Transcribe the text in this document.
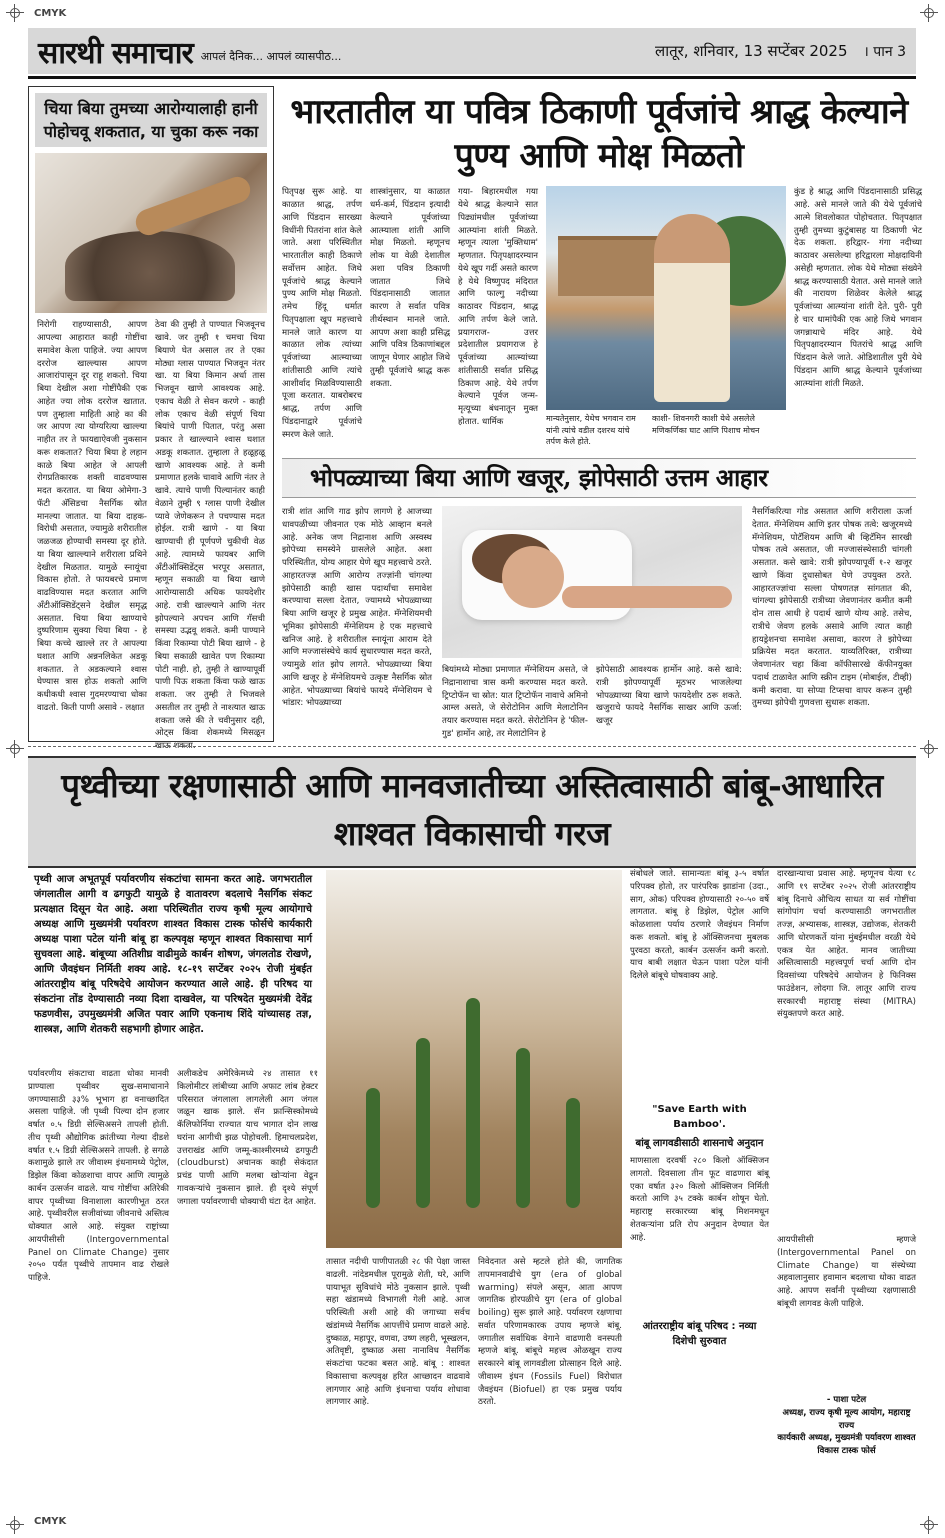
CMYK
CMYK
सारथी समाचार आपलं दैनिक... आपलं व्यासपीठ...	लातूर, शनिवार, 13 सप्टेंबर 2025 । पान 3
चिया बिया तुमच्या आरोग्यालाही हानी पोहोचवू शकतात, या चुका करू नका
निरोगी राहण्यासाठी, आपण आपल्या आहारात काही गोष्टींचा समावेश केला पाहिजे. ज्या आपण दररोज खाल्ल्यास आपण आजारांपासून दूर राहू शकतो. चिया बिया देखील अशा गोष्टींपैकी एक आहेत ज्या लोक दररोज खातात. पण तुम्हाला माहिती आहे का की जर आपण त्या योग्यरित्या खाल्ल्या नाहीत तर ते फायद्याऐवजी नुकसान करू शकतात? चिया बिया हे लहान काळे बिया आहेत जे आपली रोगप्रतिकारक शक्ती वाढवण्यास मदत करतात. या बिया ओमेगा-3 फॅटी अ‍ॅसिडचा नैसर्गिक स्रोत मानल्या जातात. या बिया दाहक-विरोधी असतात, ज्यामुळे शरीरातील जळजळ होण्याची समस्या दूर होते. या बिया खाल्ल्याने शरीराला प्रथिने देखील मिळतात. यामुळे स्नायूंचा विकास होतो. ते फायबरचे प्रमाण वाढविण्यास मदत करतात आणि अँटीऑक्सिडेंट्सने देखील समृद्ध असतात. चिया बिया खाण्याचे दुष्परिणाम सुक्या चिया बिया - हे बिया कच्चे खाल्ले तर ते आपल्या घशात आणि अन्ननलिकेत अडकू शकतात. ते अडकल्याने श्वास घेण्यास त्रास होऊ शकतो आणि कधीकधी श्वास गुदमरण्याचा धोका वाढतो. किती पाणी असावे - लक्षात
ठेवा की तुम्ही ते पाण्यात भिजवूनच खावे. जर तुम्ही १ चमचा चिया बियाणे घेत असाल तर ते एका मोठ्या ग्लास पाण्यात भिजवून नंतर खा. या बिया किमान अर्धा तास भिजवून खाणे आवश्यक आहे. एकाच वेळी ते सेवन करणे - काही लोक एकाच वेळी संपूर्ण चिया बियांचे पाणी पितात, परंतु असा प्रकार ते खाल्ल्याने श्वास घशात अडकू शकतात. तुम्हाला ते हळूहळू खाणे आवश्यक आहे. ते कमी प्रमाणात हलके चावावे आणि नंतर ते खावे. त्याचे पाणी पिल्यानंतर काही वेळाने तुम्ही ९ ग्लास पाणी देखील प्यावे जेणेकरून ते पचण्यास मदत होईल. रात्री खाणे - या बिया खाण्याची ही पूर्णपणे चुकीची वेळ आहे. त्यामध्ये फायबर आणि अँटीऑक्सिडेंट्स भरपूर असतात, म्हणून सकाळी या बिया खाणे आरोग्यासाठी अधिक फायदेशीर आहे. रात्री खाल्ल्याने आणि नंतर झोपल्याने अपचन आणि गॅसची समस्या उद्भवू शकते. कमी पाण्याने किंवा रिकाम्या पोटी बिया खाणे - हे बिया सकाळी खावेत पण रिकाम्या पोटी नाही. हो, तुम्ही ते खाण्यापूर्वी पाणी पिऊ शकता किंवा फळे खाऊ शकता. जर तुम्ही ते भिजवले असतील तर तुम्ही ते नाश्त्यात खाऊ शकता जसे की ते चवीनुसार दही, ओट्स किंवा शेकमध्ये मिसळून खाऊ शकता.
भारतातील या पवित्र ठिकाणी पूर्वजांचे श्राद्ध केल्याने पुण्य आणि मोक्ष मिळतो
पितृपक्ष सुरू आहे. या काळात श्राद्ध, तर्पण आणि पिंडदान सारख्या विधींनी पितरांना शांत केले जाते. अशा परिस्थितीत भारतातील काही ठिकाणे सर्वोत्तम आहेत. जिथे पूर्वजांचे श्राद्ध केल्याने पुण्य आणि मोक्ष मिळतो. तमेच हिंदू धर्मात पितृपक्षाला खूप महत्त्वाचे मानले जाते कारण या काळात लोक त्यांच्या पूर्वजांच्या आत्म्याच्या शांतीसाठी आणि त्यांचे आशीर्वाद मिळविण्यासाठी पूजा करतात. याबरोबरच श्राद्ध, तर्पण आणि पिंडदानाद्वारे पूर्वजांचे स्मरण केले जाते.
शास्त्रांनुसार, या काळात धर्म-कर्म, पिंडदान इत्यादी केल्याने पूर्वजांच्या आत्म्याला शांती आणि मोक्ष मिळतो. म्हणूनच लोक या वेळी देशातील अशा पवित्र ठिकाणी जातात जिथे पिंडदानासाठी जातात कारण ते सर्वात पवित्र तीर्थस्थान मानले जाते. आपण अशा काही प्रसिद्ध आणि पवित्र ठिकाणांबद्दल जाणून घेणार आहोत जिथे तुम्ही पूर्वजांचे श्राद्ध करू शकता.
गया- बिहारमधील गया येथे श्राद्ध केल्याने सात पिढ्यांमधील पूर्वजांच्या आत्म्यांना शांती मिळते. म्हणून त्याला 'मुक्तिधाम' म्हणतात. पितृपक्षादरम्यान येथे खूप गर्दी असते कारण हे येथे विष्णुपद मंदिरात आणि फाल्गु नदीच्या काठावर पिंडदान, श्राद्ध आणि तर्पण केले जाते. प्रयागराज- उत्तर प्रदेशातील प्रयागराज हे पूर्वजांच्या आत्म्यांच्या शांतीसाठी सर्वात प्रसिद्ध ठिकाण आहे. येथे तर्पण केल्याने पूर्वज जन्म-मृत्यूच्या बंधनातून मुक्त होतात. धार्मिक	मान्यतेनुसार, येथेच भगवान राम यांनी त्यांचे वडील दशरथ यांचे तर्पण केले होते.
काशी- शिवनगरी काशी येथे असलेले मणिकर्णिका घाट आणि पिशाच मोचन
कुंड हे श्राद्ध आणि पिंडदानासाठी प्रसिद्ध आहे. असे मानले जाते की येथे पूर्वजांचे आत्मे शिवलोकात पोहोचतात. पितृपक्षात तुम्ही तुमच्या कुटुंबासह या ठिकाणी भेट देऊ शकता. हरिद्वार- गंगा नदीच्या काठावर असलेल्या हरिद्वारला मोक्षदायिनी असेही म्हणतात. लोक येथे मोठ्या संख्येने श्राद्ध करण्यासाठी येतात. असे मानले जाते की नारायण शिळेवर केलेले श्राद्ध पूर्वजांच्या आत्म्यांना शांती देते. पुरी- पुरी हे चार धामांपैकी एक आहे जिथे भगवान जगन्नाथाचे मंदिर आहे. येथे पितृपक्षादरम्यान पितरांचे श्राद्ध आणि पिंडदान केले जाते. ओडिशातील पुरी येथे पिंडदान आणि श्राद्ध केल्याने पूर्वजांच्या आत्म्यांना शांती मिळते.
भोपळ्याच्या बिया आणि खजूर, झोपेसाठी उत्तम आहार
रात्री शांत आणि गाढ झोप लागणे हे आजच्या धावपळीच्या जीवनात एक मोठे आव्हान बनले आहे. अनेक जण निद्रानाश आणि अस्वस्थ झोपेच्या समस्येने ग्रासलेले आहेत. अशा परिस्थितीत, योग्य आहार घेणे खूप महत्त्वाचे ठरते. आहारतज्ज्ञ आणि आरोग्य तज्ज्ञांनी चांगल्या झोपेसाठी काही खास पदार्थांचा समावेश करण्याचा सल्ला देतात, ज्यामध्ये भोपळ्याच्या बिया आणि खजूर हे प्रमुख आहेत. मॅग्नेशियमची भूमिका झोपेसाठी मॅग्नेशियम हे एक महत्त्वाचे खनिज आहे. हे शरीरातील स्नायूंना आराम देते आणि मज्जासंस्थेचे कार्य सुधारण्यास मदत करते, ज्यामुळे शांत झोप लागते. भोपळ्याच्या बिया आणि खजूर हे मॅग्नेशियमचे उत्कृष्ट नैसर्गिक स्रोत आहेत. भोपळ्याच्या बियांचे फायदे मॅग्नेशियम चे भांडार: भोपळ्याच्या
बियांमध्ये मोठ्या प्रमाणात मॅग्नेशियम असते, जे निद्रानाशाचा त्रास कमी करण्यास मदत करते. ट्रिप्टोफॅन चा स्रोत: यात ट्रिप्टोफॅन नावाचे अमिनो आम्ल असते, जे सेरोटोनिन आणि मेलाटोनिन तयार करण्यास मदत करते. सेरोटोनिन हे 'फील-गुड' हार्मोन आहे, तर मेलाटोनिन हे
झोपेसाठी आवश्यक हार्मोन आहे. कसे खावे: रात्री झोपण्यापूर्वी मूठभर भाजलेल्या भोपळ्याच्या बिया खाणे फायदेशीर ठरू शकते. खजुराचे फायदे नैसर्गिक साखर आणि ऊर्जा: खजूर
नैसर्गिकरित्या गोड असतात आणि शरीराला ऊर्जा देतात. मॅग्नेशियम आणि इतर पोषक तत्वे: खजूरमध्ये मॅग्नेशियम, पोटॅशियम आणि बी व्हिटॅमिन सारखी पोषक तत्वे असतात, जी मज्जासंस्थेसाठी चांगली असतात. कसे खावे: रात्री झोपण्यापूर्वी १-२ खजूर खाणे किंवा दुधासोबत घेणे उपयुक्त ठरते. आहारतज्ज्ञांचा सल्ला पोषणतज्ञ सांगतात की, चांगल्या झोपेसाठी रात्रीच्या जेवणानंतर कमीत कमी दोन तास आधी हे पदार्थ खाणे योग्य आहे. तसेच, रात्रीचे जेवण हलके असावे आणि त्यात काही हायड्रेशनचा समावेश असावा, कारण ते झोपेच्या प्रक्रियेस मदत करतात. याव्यतिरिक्त, रात्रीच्या जेवणानंतर चहा किंवा कॉफीसारखे कॅफीनयुक्त पदार्थ टाळावेत आणि स्क्रीन टाइम (मोबाईल, टीव्ही) कमी करावा. या सोप्या टिप्सचा वापर करून तुम्ही तुमच्या झोपेची गुणवत्ता सुधारू शकता.
पृथ्वीच्या रक्षणासाठी आणि मानवजातीच्या अस्तित्वासाठी बांबू-आधारित शाश्वत विकासाची गरज
पृथ्वी आज अभूतपूर्व पर्यावरणीय संकटांचा सामना करत आहे. जगभरातील जंगलातील आगी व ढगफुटी यामुळे हे वातावरण बदलाचे नैसर्गिक संकट प्रत्यक्षात दिसून येत आहे. अशा परिस्थितीत राज्य कृषी मूल्य आयोगाचे अध्यक्ष आणि मुख्यमंत्री पर्यावरण शाश्वत विकास टास्क फोर्सचे कार्यकारी अध्यक्ष पाशा पटेल यांनी बांबू हा कल्पवृक्ष म्हणून शाश्वत विकासाचा मार्ग सुचवला आहे. बांबूच्या अतिशीघ्र वाढीमुळे कार्बन शोषण, जंगलतोड रोखणे, आणि जैवइंधन निर्मिती शक्य आहे. १८-१९ सप्टेंबर २०२५ रोजी मुंबईत आंतरराष्ट्रीय बांबू परिषदेचे आयोजन करण्यात आले आहे. ही परिषद या संकटांना तोंड देण्यासाठी नव्या दिशा दाखवेल, या परिषदेत मुख्यमंत्री देवेंद्र फडणवीस, उपमुख्यमंत्री अजित पवार आणि एकनाथ शिंदे यांच्यासह तज्ञ, शास्त्रज्ञ, आणि शेतकरी सहभागी होणार आहेत.
पर्यावरणीय संकटाचा वाढता धोका मानवी प्राण्याला पृथ्वीवर सुख-समाधानाने जगण्यासाठी ३३% भूभाग हा वनाच्छादित असला पाहिजे. जी पृथ्वी पिल्या दोन हजार वर्षात ०.५ डिग्री सेल्सिअसने तापली होती. तीच पृथ्वी औद्योगिक क्रांतीच्या गेल्या दीडशे वर्षात १.५ डिग्री सेल्सिअसने तापली. हे सगळे कशामुळे झाले तर जीवाश्म इंधनामध्ये पेट्रोल, डिझेल किंवा कोळशाचा वापर आणि त्यामुळे कार्बन उत्सर्जन वाढले. याच गोष्टींचा अतिरेकी वापर पृथ्वीच्या विनाशाला कारणीभूत ठरत आहे. पृथ्वीवरील सजीवांच्या जीवनाचे अस्तित्व धोक्यात आले आहे. संयुक्त राष्ट्रांच्या आयपीसीसी (Intergovernmental Panel on Climate Change) नुसार २०५० पर्यंत पृथ्वीचे तापमान वाढ रोखले पाहिजे.
अलीकडेच अमेरिकेमध्ये २४ तासात ११ किलोमीटर लांबीच्या आणि अफाट लांब हेक्टर परिसरात जंगलाला लागलेली आग जंगल जळून खाक झाले. सॅन फ्रान्सिस्कोमध्ये कॅलिफोर्निया राज्यात याच भागात दोन लाख घरांना आगीची झळ पोहोचली. हिमाचलप्रदेश, उत्तराखंड आणि जम्मू-काश्मीरमध्ये ढगफुटी (cloudburst) अचानक काही सेकंदात प्रचंड पाणी आणि मलबा खोऱ्यांना वेढून गावकऱ्यांचे नुकसान झाले. ही दृश्ये संपूर्ण जगाला पर्यावरणाची धोक्याची घंटा देत आहेत.
तासात नदीची पाणीपातळी २८ फी पेक्षा जास्त वाढली. नांदेडमधील पूरामुळे शेती, घरे, आणि पायाभूत सुविधांचे मोठे नुकसान झाले. पृथ्वी सहा खंडामध्ये विभागली गेली आहे. आज परिस्थिती अशी आहे की जगाच्या सर्वच खंडांमध्ये नैसर्गिक आपत्तींचे प्रमाण वाढले आहे. दुष्काळ, महापूर, वणवा, उष्ण लहरी, भूस्खलन, अतिवृष्टी, दुष्काळ असा नानाविध नैसर्गिक संकटांचा फटका बसत आहे. बांबू : शाश्वत विकासाचा कल्पवृक्ष हरित आच्छादन वाढवावे लागणार आहे आणि इंधनाचा पर्याय शोधावा लागणार आहे.
निवेदनात असे म्हटले होते की, जागतिक तापमानवाढीचे युग (era of global warming) संपले असून, आता आपण जागतिक होरपळीचे युग (era of global boiling) सुरू झाले आहे. पर्यावरण रक्षणाचा सर्वात परिणामकारक उपाय म्हणजे बांबू. जगातील सर्वाधिक वेगाने वाढणारी वनस्पती म्हणजे बांबू. बांबूचे महत्त्व ओळखून राज्य सरकारने बांबू लागवडीला प्रोत्साहन दिले आहे. जीवाश्म इंधन (Fossils Fuel) विरोधात जैवइंधन (Biofuel) हा एक प्रमुख पर्याय ठरतो.
संबोधले जाते. सामान्यतः बांबू ३-५ वर्षात परिपक्व होतो, तर पारंपरिक झाडांना (उदा., साग, ओक) परिपक्व होण्यासाठी २०-५० वर्षे लागतात. बांबू हे डिझेल, पेट्रोल आणि कोळशाला पर्याय ठरणारे जैवइंधन निर्माण करू शकतो. बांबू हे ऑक्सिजनचा मुबलक पुरवठा करतो, कार्बन उत्सर्जन कमी करतो. याच बाबी लक्षात घेऊन पाशा पटेल यांनी दिलेले बांबूचे घोषवाक्य आहे.
"Save Earth with Bamboo'.
बांबू लागवडीसाठी शासनाचे अनुदान
माणसाला दरवर्षी २८० किलो ऑक्सिजन लागतो. दिवसाला तीन फूट वाढणारा बांबू एका वर्षात ३२० किलो ऑक्सिजन निर्मिती करतो आणि ३५ टक्के कार्बन शोषून घेतो. महाराष्ट्र सरकारच्या बांबू मिशनमधून शेतकऱ्यांना प्रति रोप अनुदान देण्यात येत आहे.
आंतरराष्ट्रीय बांबू परिषद : नव्या दिशेची सुरुवात
दारखान्याचा प्रवास आहे. म्हणूनच येत्या १८ आणि १९ सप्टेंबर २०२५ रोजी आंतरराष्ट्रीय बांबू दिनाचे औचित्य साधत या सर्व गोष्टींचा सांगोपांग चर्चा करण्यासाठी जगभरातील तज्ज्ञ, अभ्यासक, शास्त्रज्ञ, उद्योजक, शेतकरी आणि धोरणकर्ते यांना मुंबईमधील वरळी येथे एकत्र येत आहेत. मानव जातीच्या अस्तित्वासाठी महत्त्वपूर्ण चर्चा आणि दोन दिवसांच्या परिषदेचे आयोजन हे फिनिक्स फाउंडेशन, लोदगा जि. लातूर आणि राज्य सरकारची महाराष्ट्र संस्था (MITRA) संयुक्तपणे करत आहे.
आयपीसीसी म्हणजे (Intergovernmental Panel on Climate Change) या संस्थेच्या अहवालानुसार हवामान बदलाचा धोका वाढत आहे. आपण सर्वांनी पृथ्वीच्या रक्षणासाठी बांबूची लागवड केली पाहिजे.
- पाशा पटेल
अध्यक्ष, राज्य कृषी मूल्य आयोग, महाराष्ट्र राज्य
कार्यकारी अध्यक्ष, मुख्यमंत्री पर्यावरण शाश्वत विकास टास्क फोर्स
